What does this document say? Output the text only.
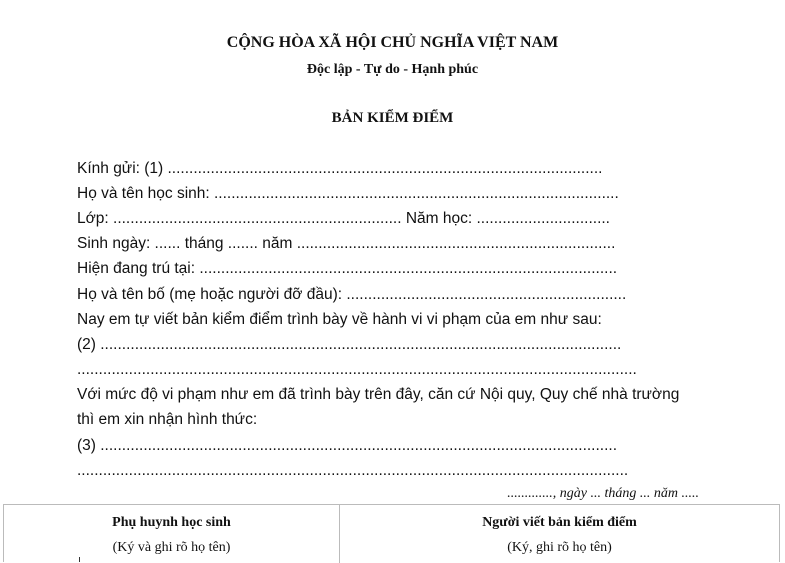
CỘNG HÒA XÃ HỘI CHỦ NGHĨA VIỆT NAM
Độc lập - Tự do - Hạnh phúc
BẢN KIỂM ĐIỂM
Kính gửi: (1) .....................................................................................................
Họ và tên học sinh: ..............................................................................................
Lớp: ................................................................... Năm học: ...............................
Sinh ngày: ...... tháng ....... năm ..........................................................................
Hiện đang trú tại: .................................................................................................
Họ và tên bố (mẹ hoặc người đỡ đầu): .................................................................
Nay em tự viết bản kiểm điểm trình bày về hành vi vi phạm của em như sau:
(2) .........................................................................................................................
..................................................................................................................................
Với mức độ vi phạm như em đã trình bày trên đây, căn cứ Nội quy, Quy chế nhà trường
thì em xin nhận hình thức:
(3) ........................................................................................................................
................................................................................................................................
............., ngày ... tháng ... năm .....
Phụ huynh học sinh
(Ký và ghi rõ họ tên)
Người viết bản kiểm điểm
(Ký, ghi rõ họ tên)
